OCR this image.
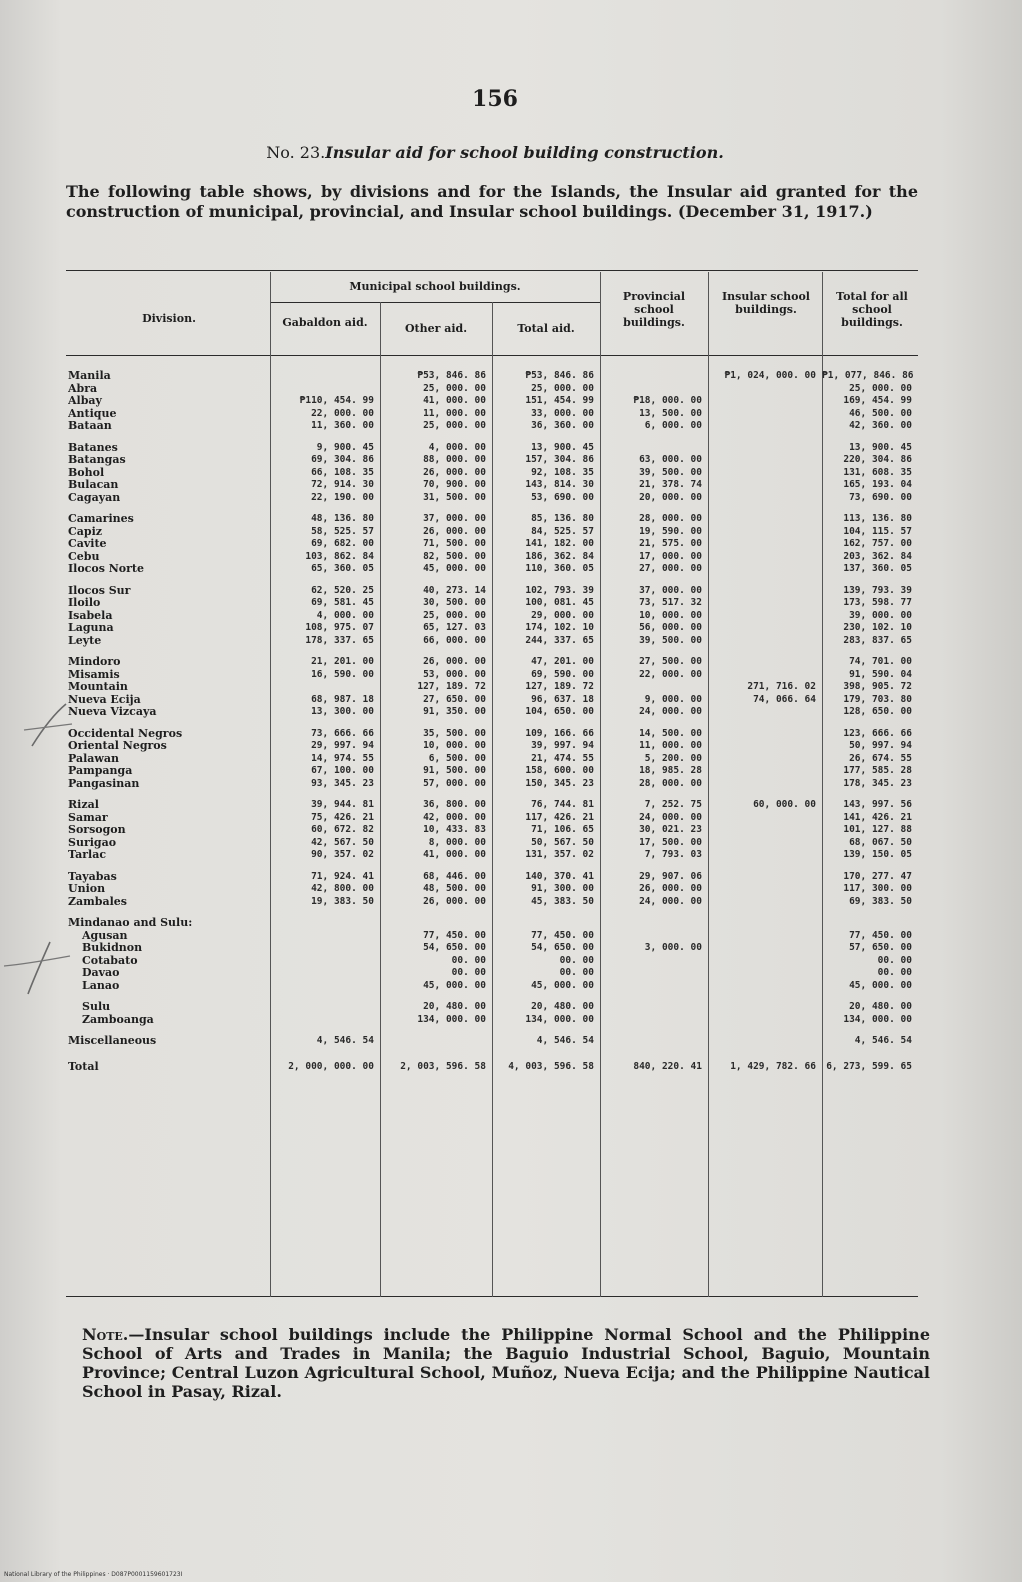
156
No. 23.Insular aid for school building construction.
The following table shows, by divisions and for the Islands, the Insular aid granted for the construction of municipal, provincial, and Insular school buildings. (December 31, 1917.)
Division.
Municipal school buildings.
Gabaldon aid.	Other aid.	Total aid.
Provincial school buildings.
Insular school buildings.
Total for all school buildings.
Manila		₱53, 846. 86	₱53, 846. 86		₱1, 024, 000. 00	₱1, 077, 846. 86
Abra		25, 000. 00	25, 000. 00			25, 000. 00
Albay	₱110, 454. 99	41, 000. 00	151, 454. 99	₱18, 000. 00		169, 454. 99
Antique	22, 000. 00	11, 000. 00	33, 000. 00	13, 500. 00		46, 500. 00
Bataan	11, 360. 00	25, 000. 00	36, 360. 00	6, 000. 00		42, 360. 00

Batanes	9, 900. 45	4, 000. 00	13, 900. 45			13, 900. 45
Batangas	69, 304. 86	88, 000. 00	157, 304. 86	63, 000. 00		220, 304. 86
Bohol	66, 108. 35	26, 000. 00	92, 108. 35	39, 500. 00		131, 608. 35
Bulacan	72, 914. 30	70, 900. 00	143, 814. 30	21, 378. 74		165, 193. 04
Cagayan	22, 190. 00	31, 500. 00	53, 690. 00	20, 000. 00		73, 690. 00

Camarines	48, 136. 80	37, 000. 00	85, 136. 80	28, 000. 00		113, 136. 80
Capiz	58, 525. 57	26, 000. 00	84, 525. 57	19, 590. 00		104, 115. 57
Cavite	69, 682. 00	71, 500. 00	141, 182. 00	21, 575. 00		162, 757. 00
Cebu	103, 862. 84	82, 500. 00	186, 362. 84	17, 000. 00		203, 362. 84
Ilocos Norte	65, 360. 05	45, 000. 00	110, 360. 05	27, 000. 00		137, 360. 05

Ilocos Sur	62, 520. 25	40, 273. 14	102, 793. 39	37, 000. 00		139, 793. 39
Iloilo	69, 581. 45	30, 500. 00	100, 081. 45	73, 517. 32		173, 598. 77
Isabela	4, 000. 00	25, 000. 00	29, 000. 00	10, 000. 00		39, 000. 00
Laguna	108, 975. 07	65, 127. 03	174, 102. 10	56, 000. 00		230, 102. 10
Leyte	178, 337. 65	66, 000. 00	244, 337. 65	39, 500. 00		283, 837. 65

Mindoro	21, 201. 00	26, 000. 00	47, 201. 00	27, 500. 00		74, 701. 00
Misamis	16, 590. 00	53, 000. 00	69, 590. 00	22, 000. 00		91, 590. 04
Mountain		127, 189. 72	127, 189. 72		271, 716. 02	398, 905. 72
Nueva Ecija	68, 987. 18	27, 650. 00	96, 637. 18	9, 000. 00	74, 066. 64	179, 703. 80
Nueva Vizcaya	13, 300. 00	91, 350. 00	104, 650. 00	24, 000. 00		128, 650. 00

Occidental Negros	73, 666. 66	35, 500. 00	109, 166. 66	14, 500. 00		123, 666. 66
Oriental Negros	29, 997. 94	10, 000. 00	39, 997. 94	11, 000. 00		50, 997. 94
Palawan	14, 974. 55	6, 500. 00	21, 474. 55	5, 200. 00		26, 674. 55
Pampanga	67, 100. 00	91, 500. 00	158, 600. 00	18, 985. 28		177, 585. 28
Pangasinan	93, 345. 23	57, 000. 00	150, 345. 23	28, 000. 00		178, 345. 23

Rizal	39, 944. 81	36, 800. 00	76, 744. 81	7, 252. 75	60, 000. 00	143, 997. 56
Samar	75, 426. 21	42, 000. 00	117, 426. 21	24, 000. 00		141, 426. 21
Sorsogon	60, 672. 82	10, 433. 83	71, 106. 65	30, 021. 23		101, 127. 88
Surigao	42, 567. 50	8, 000. 00	50, 567. 50	17, 500. 00		68, 067. 50
Tarlac	90, 357. 02	41, 000. 00	131, 357. 02	7, 793. 03		139, 150. 05

Tayabas	71, 924. 41	68, 446. 00	140, 370. 41	29, 907. 06		170, 277. 47
Union	42, 800. 00	48, 500. 00	91, 300. 00	26, 000. 00		117, 300. 00
Zambales	19, 383. 50	26, 000. 00	45, 383. 50	24, 000. 00		69, 383. 50

Mindanao and Sulu:						
Agusan		77, 450. 00	77, 450. 00			77, 450. 00
Bukidnon		54, 650. 00	54, 650. 00	3, 000. 00		57, 650. 00
Cotabato		00. 00	00. 00			00. 00
Davao		00. 00	00. 00			00. 00
Lanao		45, 000. 00	45, 000. 00			45, 000. 00

Sulu		20, 480. 00	20, 480. 00			20, 480. 00
Zamboanga		134, 000. 00	134, 000. 00			134, 000. 00

Miscellaneous	4, 546. 54		4, 546. 54			4, 546. 54

Total	2, 000, 000. 00	2, 003, 596. 58	4, 003, 596. 58	840, 220. 41	1, 429, 782. 66	6, 273, 599. 65
Note.—Insular school buildings include the Philippine Normal School and the Philippine School of Arts and Trades in Manila; the Baguio Industrial School, Baguio, Mountain Province; Central Luzon Agricultural School, Muñoz, Nueva Ecija; and the Philippine Nautical School in Pasay, Rizal.
National Library of the Philippines · D087P0001159601723I
